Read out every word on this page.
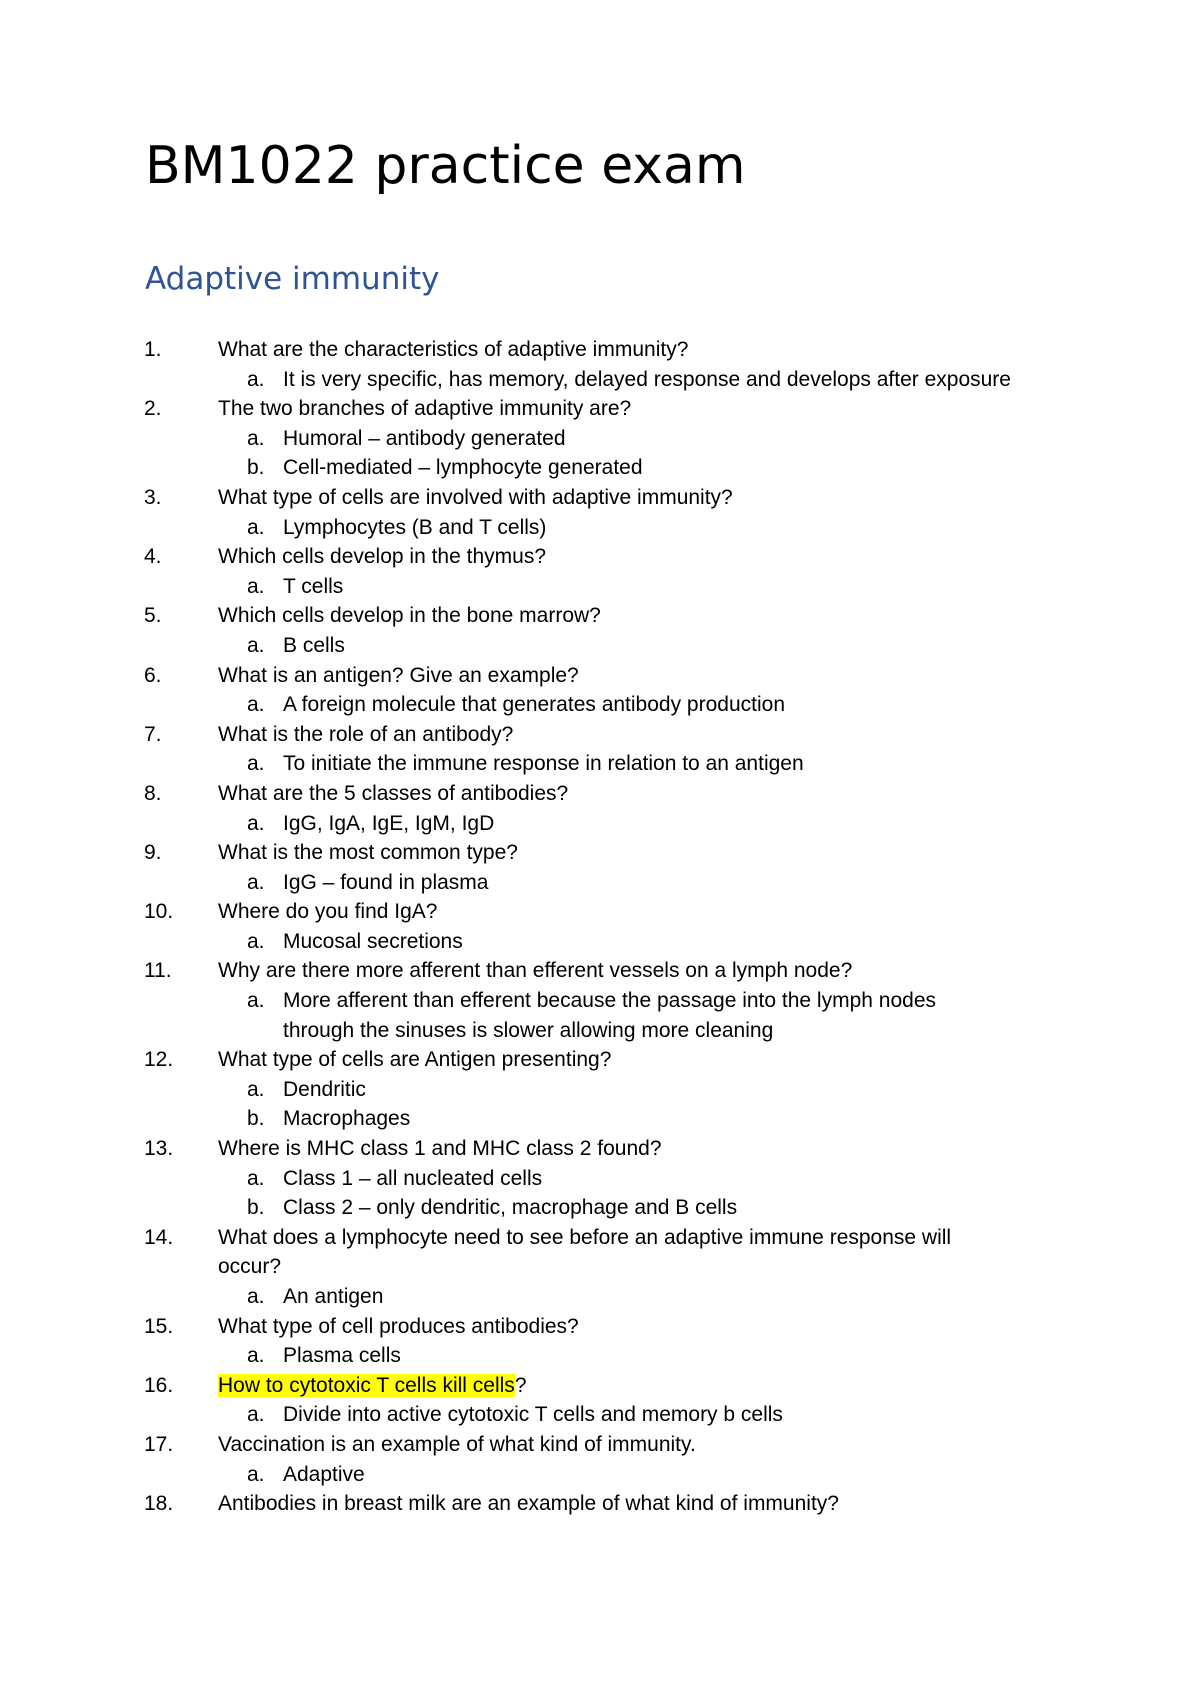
BM1022 practice exam
Adaptive immunity
1.	What are the characteristics of adaptive immunity?
a. It is very specific, has memory, delayed response and develops after exposure
2.	The two branches of adaptive immunity are?
a. Humoral – antibody generated
b. Cell-mediated – lymphocyte generated
3.	What type of cells are involved with adaptive immunity?
a. Lymphocytes (B and T cells)
4.	Which cells develop in the thymus?
a. T cells
5.	Which cells develop in the bone marrow?
a. B cells
6.	What is an antigen? Give an example?
a. A foreign molecule that generates antibody production
7.	What is the role of an antibody?
a. To initiate the immune response in relation to an antigen
8.	What are the 5 classes of antibodies?
a. IgG, IgA, IgE, IgM, IgD
9.	What is the most common type?
a. IgG – found in plasma
10.	Where do you find IgA?
a. Mucosal secretions
11.	Why are there more afferent than efferent vessels on a lymph node?
a. More afferent than efferent because the passage into the lymph nodes through the sinuses is slower allowing more cleaning
12.	What type of cells are Antigen presenting?
a. Dendritic
b. Macrophages
13.	Where is MHC class 1 and MHC class 2 found?
a. Class 1 – all nucleated cells
b. Class 2 – only dendritic, macrophage and B cells
14.	What does a lymphocyte need to see before an adaptive immune response will occur?
a. An antigen
15.	What type of cell produces antibodies?
a. Plasma cells
16.	How to cytotoxic T cells kill cells?
a. Divide into active cytotoxic T cells and memory b cells
17.	Vaccination is an example of what kind of immunity.
a. Adaptive
18.	Antibodies in breast milk are an example of what kind of immunity?
